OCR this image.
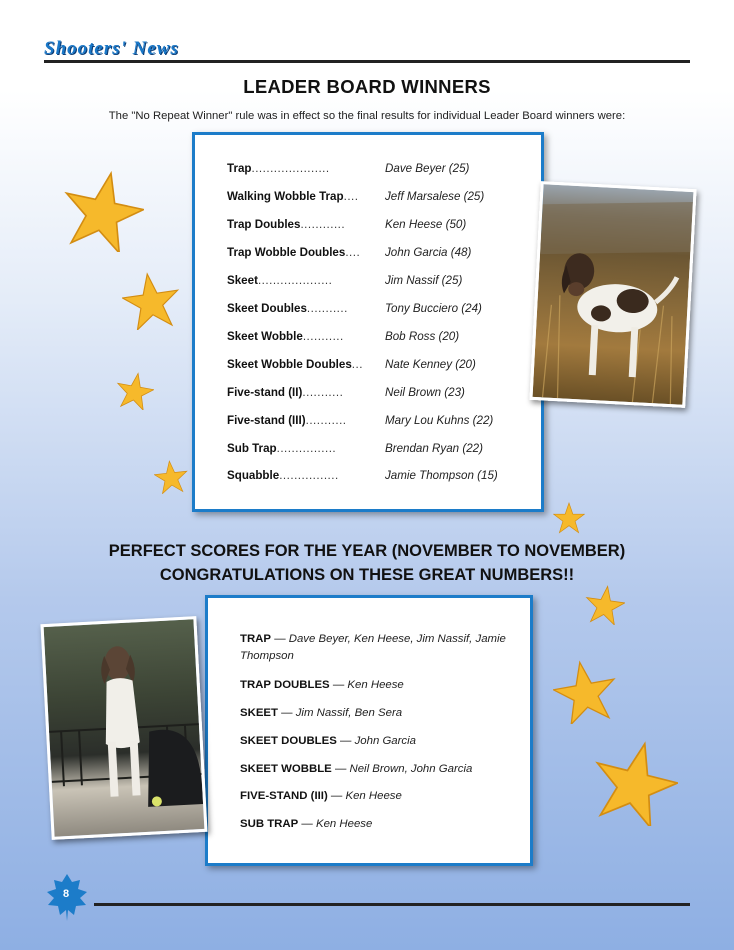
Shooters' News
LEADER BOARD WINNERS
The "No Repeat Winner" rule was in effect so the final results for individual Leader Board winners were:
Trap.....................	Dave Beyer (25)
Walking Wobble Trap.... Jeff Marsalese (25)
Trap Doubles............	Ken Heese (50)
Trap Wobble Doubles.... John Garcia (48)
Skeet....................	Jim Nassif (25)
Skeet Doubles...........	Tony Bucciero (24)
Skeet Wobble...........	Bob Ross (20)
Skeet Wobble Doubles... Nate Kenney (20)
Five-stand (II)...........	Neil Brown (23)
Five-stand (III)...........	Mary Lou Kuhns (22)
Sub Trap................	Brendan Ryan (22)
Squabble................	Jamie Thompson (15)
PERFECT SCORES FOR THE YEAR (NOVEMBER TO NOVEMBER)
CONGRATULATIONS ON THESE GREAT NUMBERS!!
TRAP — Dave Beyer, Ken Heese, Jim Nassif, Jamie Thompson
TRAP DOUBLES — Ken Heese
SKEET — Jim Nassif, Ben Sera
SKEET DOUBLES — John Garcia
SKEET WOBBLE — Neil Brown, John Garcia
FIVE-STAND (III) — Ken Heese
SUB TRAP — Ken Heese
8
